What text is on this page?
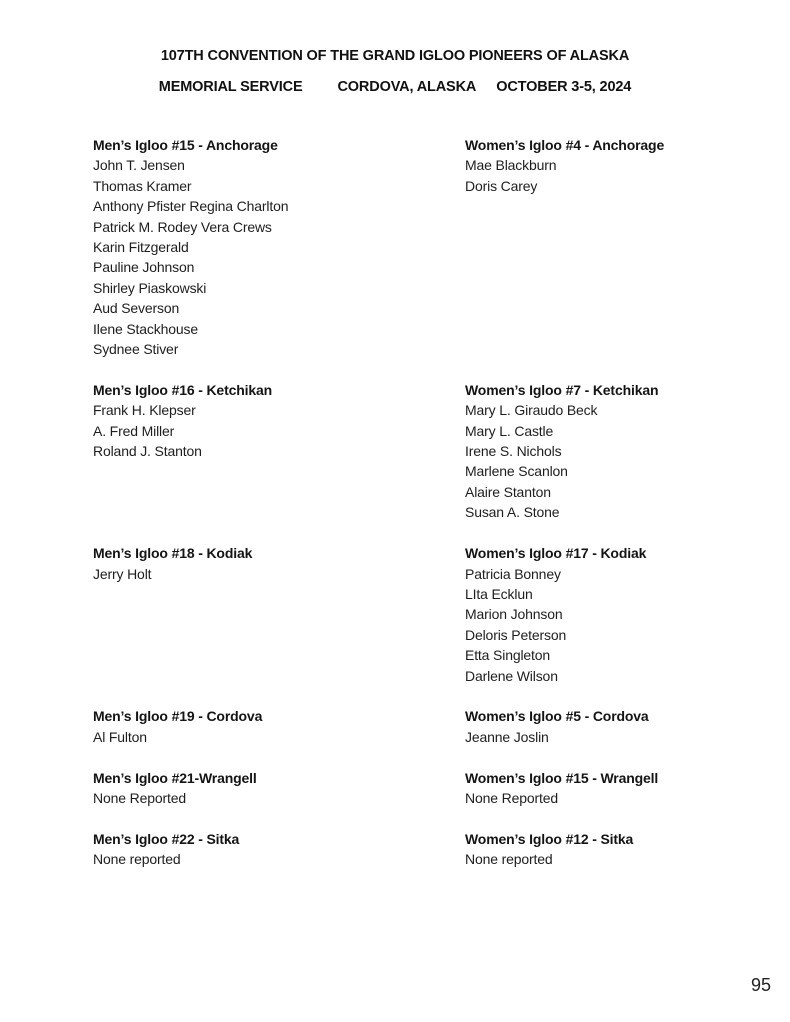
107TH CONVENTION OF THE GRAND IGLOO PIONEERS OF ALASKA
MEMORIAL SERVICE CORDOVA, ALASKA OCTOBER 3-5, 2024
Men’s Igloo #15 - Anchorage
John T. Jensen
Thomas Kramer
Anthony Pfister Regina Charlton
Patrick M. Rodey Vera Crews
Karin Fitzgerald
Pauline Johnson
Shirley Piaskowski
Aud Severson
Ilene Stackhouse
Sydnee Stiver
Women’s Igloo #4 - Anchorage
Mae Blackburn
Doris Carey
Men’s Igloo #16 - Ketchikan
Frank H. Klepser
A. Fred Miller
Roland J. Stanton
Women’s Igloo #7 - Ketchikan
Mary L. Giraudo Beck
Mary L. Castle
Irene S. Nichols
Marlene Scanlon
Alaire Stanton
Susan A. Stone
Men’s Igloo #18 - Kodiak
Jerry Holt
Women’s Igloo #17 - Kodiak
Patricia Bonney
LIta Ecklun
Marion Johnson
Deloris Peterson
Etta Singleton
Darlene Wilson
Men’s Igloo #19 - Cordova
Al Fulton
Women’s Igloo #5 - Cordova
Jeanne Joslin
Men’s Igloo #21-Wrangell
None Reported
Women’s Igloo #15 - Wrangell
None Reported
Men’s Igloo #22 - Sitka
None reported
Women’s Igloo #12 - Sitka
None reported
95
